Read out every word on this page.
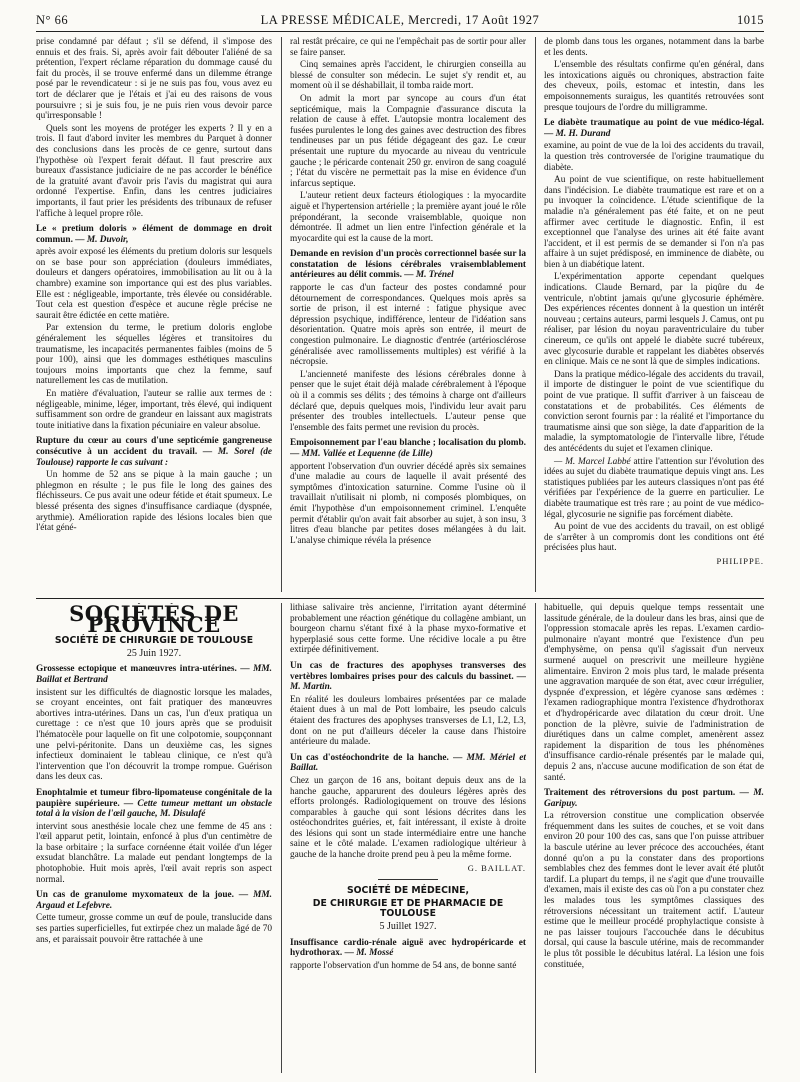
N° 66	LA PRESSE MÉDICALE, Mercredi, 17 Août 1927	1015

prise condamné par défaut ; s'il se défend, il s'impose des ennuis et des frais. Si, après avoir fait débouter l'aliéné de sa prétention, l'expert réclame réparation du dommage causé du fait du procès, il se trouve enfermé dans un dilemme étrange posé par le revendicateur : si je ne suis pas fou, vous avez eu tort de déclarer que je l'étais et j'ai eu des raisons de vous poursuivre ; si je suis fou, je ne puis rien vous devoir parce qu'irresponsable !

Quels sont les moyens de protéger les experts ? Il y en a trois. Il faut d'abord inviter les membres du Parquet à donner des conclusions dans les procès de ce genre, surtout dans l'hypothèse où l'expert ferait défaut. Il faut prescrire aux bureaux d'assistance judiciaire de ne pas accorder le bénéfice de la gratuité avant d'avoir pris l'avis du magistrat qui aura ordonné l'expertise. Enfin, dans les centres judiciaires importants, il faut prier les présidents des tribunaux de refuser l'affiche à lequel propre rôle.

Le « pretium doloris » élément de dommage en droit commun. — M. Duvoir,

après avoir exposé les éléments du pretium doloris sur lesquels on se base pour son appréciation (douleurs immédiates, douleurs et dangers opératoires, immobilisation au lit ou à la chambre) examine son importance qui est des plus variables. Elle est : négligeable, importante, très élevée ou considérable. Tout cela est question d'espèce et aucune règle précise ne saurait être édictée en cette matière.

Par extension du terme, le pretium doloris englobe généralement les séquelles légères et transitoires du traumatisme, les incapacités permanentes faibles (moins de 5 pour 100), ainsi que les dommages esthétiques masculins toujours moins importants que chez la femme, sauf naturellement les cas de mutilation.

En matière d'évaluation, l'auteur se rallie aux termes de : négligeable, minime, léger, important, très élevé, qui indiquent suffisamment son ordre de grandeur en laissant aux magistrats toute initiative dans la fixation pécuniaire en valeur absolue.

Rupture du cœur au cours d'une septicémie gangreneuse consécutive à un accident du travail. — M. Sorel (de Toulouse) rapporte le cas suivant :

Un homme de 52 ans se pique à la main gauche ; un phlegmon en résulte ; le pus file le long des gaines des fléchisseurs. Ce pus avait une odeur fétide et était spumeux. Le blessé présenta des signes d'insuffisance cardiaque (dyspnée, arythmie). Amélioration rapide des lésions locales bien que l'état géné-

ral restât précaire, ce qui ne l'empêchait pas de sortir pour aller se faire panser.

Cinq semaines après l'accident, le chirurgien conseilla au blessé de consulter son médecin. Le sujet s'y rendit et, au moment où il se déshabillait, il tomba raide mort.

On admit la mort par syncope au cours d'un état septicémique, mais la Compagnie d'assurance discuta la relation de cause à effet. L'autopsie montra localement des fusées purulentes le long des gaines avec destruction des fibres tendineuses par un pus fétide dégageant des gaz. Le cœur présentait une rupture du myocarde au niveau du ventricule gauche ; le péricarde contenait 250 gr. environ de sang coagulé ; l'état du viscère ne permettait pas la mise en évidence d'un infarcus septique.

L'auteur retient deux facteurs étiologiques : la myocardite aiguë et l'hypertension artérielle ; la première ayant joué le rôle prépondérant, la seconde vraisemblable, quoique non démontrée. Il admet un lien entre l'infection générale et la myocardite qui est la cause de la mort.

Demande en revision d'un procès correctionnel basée sur la constatation de lésions cérébrales vraisemblablement antérieures au délit commis. — M. Trénel

rapporte le cas d'un facteur des postes condamné pour détournement de correspondances. Quelques mois après sa sortie de prison, il est interné : fatigue physique avec dépression psychique, indifférence, lenteur de l'idéation sans désorientation. Quatre mois après son entrée, il meurt de congestion pulmonaire. Le diagnostic d'entrée (artériosclérose généralisée avec ramollissements multiples) est vérifié à la nécropsie.

L'ancienneté manifeste des lésions cérébrales donne à penser que le sujet était déjà malade cérébralement à l'époque où il a commis ses délits ; des témoins à charge ont d'ailleurs déclaré que, depuis quelques mois, l'individu leur avait paru présenter des troubles intellectuels. L'auteur pense que l'ensemble des faits permet une revision du procès.

Empoisonnement par l'eau blanche ; localisation du plomb. — MM. Vallée et Lequenne (de Lille)

apportent l'observation d'un ouvrier décédé après six semaines d'une maladie au cours de laquelle il avait présenté des symptômes d'intoxication saturnine. Comme l'usine où il travaillait n'utilisait ni plomb, ni composés plombiques, on émit l'hypothèse d'un empoisonnement criminel. L'enquête permit d'établir qu'on avait fait absorber au sujet, à son insu, 3 litres d'eau blanche par petites doses mélangées à du lait. L'analyse chimique révéla la présence

de plomb dans tous les organes, notamment dans la barbe et les dents.

L'ensemble des résultats confirme qu'en général, dans les intoxications aiguës ou chroniques, abstraction faite des cheveux, poils, estomac et intestin, dans les empoisonnements suraigus, les quantités retrouvées sont presque toujours de l'ordre du milligramme.

Le diabète traumatique au point de vue médico-légal. — M. H. Durand

examine, au point de vue de la loi des accidents du travail, la question très controversée de l'origine traumatique du diabète.

Au point de vue scientifique, on reste habituellement dans l'indécision. Le diabète traumatique est rare et on a pu invoquer la coïncidence. L'étude scientifique de la maladie n'a généralement pas été faite, et on ne peut affirmer avec certitude le diagnostic. Enfin, il est exceptionnel que l'analyse des urines ait été faite avant l'accident, et il est permis de se demander si l'on n'a pas affaire à un sujet prédisposé, en imminence de diabète, ou bien à un diabétique latent.

L'expérimentation apporte cependant quelques indications. Claude Bernard, par la piqûre du 4e ventricule, n'obtint jamais qu'une glycosurie éphémère. Des expériences récentes donnent à la question un intérêt nouveau ; certains auteurs, parmi lesquels J. Camus, ont pu réaliser, par lésion du noyau paraventriculaire du tuber cinereum, ce qu'ils ont appelé le diabète sucré tubéreux, avec glycosurie durable et rappelant les diabètes observés en clinique. Mais ce ne sont là que de simples indications.

Dans la pratique médico-légale des accidents du travail, il importe de distinguer le point de vue scientifique du point de vue pratique. Il suffit d'arriver à un faisceau de constatations et de probabilités. Ces éléments de conviction seront fournis par : la réalité et l'importance du traumatisme ainsi que son siège, la date d'apparition de la maladie, la symptomatologie de l'intervalle libre, l'étude des antécédents du sujet et l'examen clinique.

— M. Marcel Labbé attire l'attention sur l'évolution des idées au sujet du diabète traumatique depuis vingt ans. Les statistiques publiées par les auteurs classiques n'ont pas été vérifiées par l'expérience de la guerre en particulier. Le diabète traumatique est très rare ; au point de vue médico-légal, glycosurie ne signifie pas forcément diabète.

Au point de vue des accidents du travail, on est obligé de s'arrêter à un compromis dont les conditions ont été précisées plus haut.

PHILIPPE.

SOCIÉTÉS DE PROVINCE
SOCIÉTÉ DE CHIRURGIE DE TOULOUSE
25 Juin 1927.

Grossesse ectopique et manœuvres intra-utérines. — MM. Baillat et Bertrand

insistent sur les difficultés de diagnostic lorsque les malades, se croyant enceintes, ont fait pratiquer des manœuvres abortives intra-utérines. Dans un cas, l'un d'eux pratiqua un curettage : ce n'est que 10 jours après que se produisit l'hématocèle pour laquelle on fit une colpotomie, soupçonnant une pelvi-péritonite. Dans un deuxième cas, les signes infectieux dominaient le tableau clinique, ce n'est qu'à l'intervention que l'on découvrit la trompe rompue. Guérison dans les deux cas.

Enophtalmie et tumeur fibro-lipomateuse congénitale de la paupière supérieure. — Cette tumeur mettant un obstacle total à la vision de l'œil gauche, M. Disulafé

intervint sous anesthésie locale chez une femme de 45 ans : l'œil apparut petit, lointain, enfoncé à plus d'un centimètre de la base orbitaire ; la surface cornéenne était voilée d'un léger exsudat blanchâtre. La malade eut pendant longtemps de la photophobie. Huit mois après, l'œil avait repris son aspect normal.

Un cas de granulome myxomateux de la joue. — MM. Argaud et Lefebvre.

Cette tumeur, grosse comme un œuf de poule, translucide dans ses parties superficielles, fut extirpée chez un malade âgé de 70 ans, et paraissait pouvoir être rattachée à une

lithiase salivaire très ancienne, l'irritation ayant déterminé probablement une réaction génétique du collagène ambiant, un bourgeon charnu s'étant fixé à la phase myxo-formative et hyperplasié sous cette forme. Une récidive locale a pu être extirpée définitivement.

Un cas de fractures des apophyses transverses des vertèbres lombaires prises pour des calculs du bassinet. — M. Martin.

En réalité les douleurs lombaires présentées par ce malade étaient dues à un mal de Pott lombaire, les pseudo calculs étaient des fractures des apophyses transverses de L1, L2, L3, dont on ne put d'ailleurs déceler la cause dans l'histoire antérieure du malade.

Un cas d'ostéochondrite de la hanche. — MM. Mériel et Baillat.

Chez un garçon de 16 ans, boitant depuis deux ans de la hanche gauche, apparurent des douleurs légères après des efforts prolongés. Radiologiquement on trouve des lésions comparables à gauche qui sont lésions décrites dans les ostéochondrites guéries, et, fait intéressant, il existe à droite des lésions qui sont un stade intermédiaire entre une hanche saine et le côté malade. L'examen radiologique ultérieur à gauche de la hanche droite prend peu à peu la même forme.

G. BAILLAT.

SOCIÉTÉ DE MÉDECINE,
DE CHIRURGIE ET DE PHARMACIE DE TOULOUSE
5 Juillet 1927.

Insuffisance cardio-rénale aiguë avec hydropéricarde et hydrothorax. — M. Mossé

rapporte l'observation d'un homme de 54 ans, de bonne santé

habituelle, qui depuis quelque temps ressentait une lassitude générale, de la douleur dans les bras, ainsi que de l'oppression stomacale après les repas. L'examen cardio-pulmonaire n'ayant montré que l'existence d'un peu d'emphysème, on pensa qu'il s'agissait d'un nerveux surmené auquel on prescrivit une meilleure hygiène alimentaire. Environ 2 mois plus tard, le malade présenta une aggravation marquée de son état, avec cœur irrégulier, dyspnée d'expression, et légère cyanose sans œdèmes : l'examen radiographique montra l'existence d'hydrothorax et d'hydropéricarde avec dilatation du cœur droit. Une ponction de la plèvre, suivie de l'administration de diurétiques dans un calme complet, amenèrent assez rapidement la disparition de tous les phénomènes d'insuffisance cardio-rénale présentés par le malade qui, depuis 2 ans, n'accuse aucune modification de son état de santé.

Traitement des rétroversions du post partum. — M. Garipuy.

La rétroversion constitue une complication observée fréquemment dans les suites de couches, et se voit dans environ 20 pour 100 des cas, sans que l'on puisse attribuer la bascule utérine au lever précoce des accouchées, étant donné qu'on a pu la constater dans des proportions semblables chez des femmes dont le lever avait été plutôt tardif. La plupart du temps, il ne s'agit que d'une trouvaille d'examen, mais il existe des cas où l'on a pu constater chez les malades tous les symptômes classiques des rétroversions nécessitant un traitement actif. L'auteur estime que le meilleur procédé prophylactique consiste à ne pas laisser toujours l'accouchée dans le décubitus dorsal, qui cause la bascule utérine, mais de recommander le plus tôt possible le décubitus latéral. La lésion une fois constituée,
